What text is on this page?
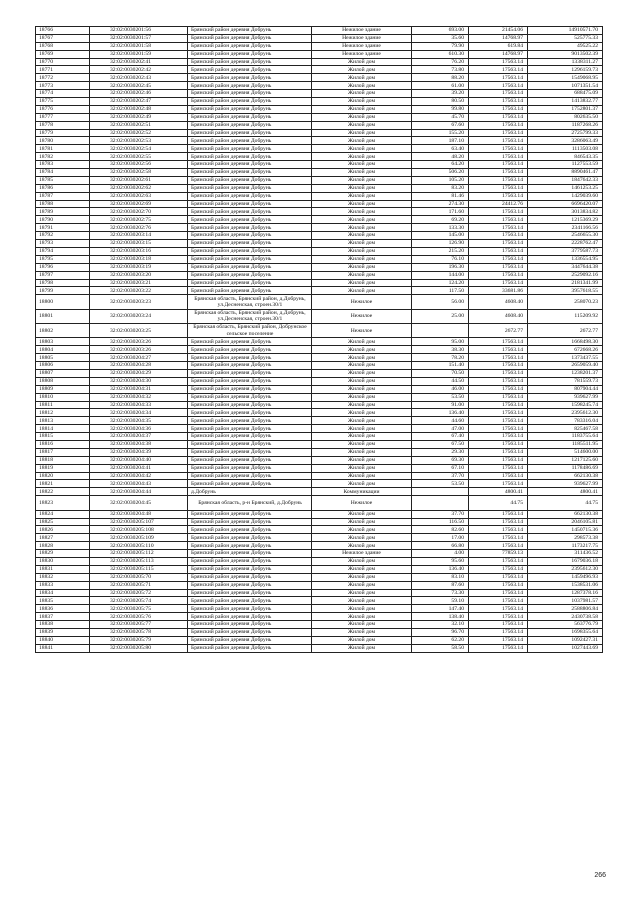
18766	32:02:0030201:56	Брянский район деревня Добрунь	Нежилое здание	693.00	21454.06	14910571.70
18767	32:02:0030201:57	Брянский район деревня Добрунь	Нежилое здание	35.60	14768.97	525775.33
18768	32:02:0030201:58	Брянский район деревня Добрунь	Нежилое здание	79.90	619.84	49525.22
18769	32:02:0030201:59	Брянский район деревня Добрунь	Нежилое здание	610.30	14768.97	9013502.39
18770	32:02:0030202:41	Брянский район деревня Добрунь	Жилой дом	76.20	17563.14	1338311.27
18771	32:02:0030202:42	Брянский район деревня Добрунь	Жилой дом	73.80	17563.14	1296159.73
18772	32:02:0030202:43	Брянский район деревня Добрунь	Жилой дом	88.20	17563.14	1549068.95
18773	32:02:0030202:45	Брянский район деревня Добрунь	Жилой дом	61.00	17563.14	1071351.54
18774	32:02:0030202:46	Брянский район деревня Добрунь	Жилой дом	39.20	17563.14	688475.09
18775	32:02:0030202:47	Брянский район деревня Добрунь	Жилой дом	80.50	17563.14	1413832.77
18776	32:02:0030202:48	Брянский район деревня Добрунь	Жилой дом	99.80	17563.14	1752801.37
18777	32:02:0030202:49	Брянский район деревня Добрунь	Жилой дом	45.70	17563.14	802635.50
18778	32:02:0030202:51	Брянский район деревня Добрунь	Жилой дом	67.60	17563.14	1187268.26
18779	32:02:0030202:52	Брянский район деревня Добрунь	Жилой дом	155.20	17563.14	2725799.33
18780	32:02:0030202:53	Брянский район деревня Добрунь	Жилой дом	187.10	17563.14	3286063.49
18781	32:02:0030202:54	Брянский район деревня Добрунь	Жилой дом	63.40	17563.14	1113503.08
18782	32:02:0030202:55	Брянский район деревня Добрунь	Жилой дом	48.20	17563.14	846543.35
18783	32:02:0030202:56	Брянский район деревня Добрунь	Жилой дом	64.20	17563.14	1127553.59
18784	32:02:0030202:58	Брянский район деревня Добрунь	Жилой дом	506.20	17563.14	8890461.47
18785	32:02:0030202:61	Брянский район деревня Добрунь	Жилой дом	105.20	17563.14	1847642.33
18786	32:02:0030202:62	Брянский район деревня Добрунь	Жилой дом	83.20	17563.14	1461253.25
18787	32:02:0030202:63	Брянский район деревня Добрунь	Жилой дом	81.46	17563.14	1429039.60
18788	32:02:0030202:69	Брянский район деревня Добрунь	Жилой дом	274.30	24412.76	6696420.07
18789	32:02:0030202:70	Брянский район деревня Добрунь	Жилой дом	171.60	17563.14	3013834.82
18790	32:02:0030202:75	Брянский район деревня Добрунь	Жилой дом	69.20	17563.14	1215369.29
18791	32:02:0030202:76	Брянский район деревня Добрунь	Жилой дом	133.30	17563.14	2341166.56
18792	32:02:0030203:14	Брянский район деревня Добрунь	Жилой дом	145.00	17563.14	2546655.30
18793	32:02:0030203:15	Брянский район деревня Добрунь	Жилой дом	126.90	17563.14	2228762.47
18794	32:02:0030203:16	Брянский район деревня Добрунь	Жилой дом	215.20	17563.14	3779587.73
18795	32:02:0030203:18	Брянский район деревня Добрунь	Жилой дом	76.10	17563.14	1336554.95
18796	32:02:0030203:19	Брянский район деревня Добрунь	Жилой дом	196.30	17563.14	3447644.38
18797	32:02:0030203:20	Брянский район деревня Добрунь	Жилой дом	144.00	17563.14	2529092.16
18798	32:02:0030203:21	Брянский район деревня Добрунь	Жилой дом	124.20	17563.14	2181341.99
18799	32:02:0030203:22	Брянский район деревня Добрунь	Жилой дом	117.50	33681.86	3957618.55
18800	32:02:0030203:23	Брянская область, Брянский район, д.Добрунь, ул.Десненская, строен.30/1	Нежилое	56.00	4608.40	258070.23
18801	32:02:0030203:24	Брянская область, Брянский район, д.Добрунь, ул.Десненская, строен.30/1	Нежилое	25.00	4608.40	115209.92
18802	32:02:0030203:25	Брянская область, Брянский район, Добрунское сельское поселение	Нежилое		2672.77	2672.77
18803	32:02:0030203:26	Брянский район деревня Добрунь	Жилой дом	95.00	17563.14	1668498.30
18804	32:02:0030203:26	Брянский район деревня Добрунь	Жилой дом	38.30	17563.14	672668.26
18805	32:02:0030204:27	Брянский район деревня Добрунь	Жилой дом	78.20	17563.14	1373437.55
18806	32:02:0030204:28	Брянский район деревня Добрунь	Жилой дом	151.40	17563.14	2659059.40
18807	32:02:0030204:29	Брянский район деревня Добрунь	Жилой дом	70.50	17563.14	1238201.37
18808	32:02:0030204:30	Брянский район деревня Добрунь	Жилой дом	44.50	17563.14	781559.73
18809	32:02:0030204:31	Брянский район деревня Добрунь	Жилой дом	46.00	17563.14	807904.44
18810	32:02:0030204:32	Брянский район деревня Добрунь	Жилой дом	53.50	17563.14	939627.99
18811	32:02:0030204:33	Брянский район деревня Добрунь	Жилой дом	91.00	17563.14	1598245.74
18812	32:02:0030204:34	Брянский район деревня Добрунь	Жилой дом	136.40	17563.14	2395612.30
18813	32:02:0030204:35	Брянский район деревня Добрунь	Жилой дом	44.60	17563.14	783316.04
18814	32:02:0030204:36	Брянский район деревня Добрунь	Жилой дом	47.00	17563.14	825467.58
18815	32:02:0030204:37	Брянский район деревня Добрунь	Жилой дом	67.40	17563.14	1183755.64
18816	32:02:0030204:38	Брянский район деревня Добрунь	Жилой дом	67.50	17563.14	1185511.95
18817	32:02:0030204:39	Брянский район деревня Добрунь	Жилой дом	29.30	17563.14	514600.00
18818	32:02:0030204:40	Брянский район деревня Добрунь	Жилой дом	69.30	17563.14	1217125.60
18819	32:02:0030204:41	Брянский район деревня Добрунь	Жилой дом	67.10	17563.14	1178486.69
18820	32:02:0030204:42	Брянский район деревня Добрунь	Жилой дом	37.70	17563.14	662130.38
18821	32:02:0030204:43	Брянский район деревня Добрунь	Жилой дом	53.50	17563.14	939627.99
18822	32:02:0030204:44	д.Добрунь	Коммуникации		4800.41	4800.41
18823	32:02:0030204:45	Брянская область, р-н Брянский, д.Добрунь	Нежилое		44.75	44.75
18824	32:02:0030204:48	Брянский район деревня Добрунь	Жилой дом	37.70	17563.14	662130.38
18825	32:02:0030205:107	Брянский район деревня Добрунь	Жилой дом	116.50	17563.14	2046105.81
18826	32:02:0030205:108	Брянский район деревня Добрунь	Жилой дом	82.60	17563.14	1450715.36
18827	32:02:0030205:109	Брянский район деревня Добрунь	Жилой дом	17.00	17563.14	298573.38
18828	32:02:0030205:110	Брянский район деревня Добрунь	Жилой дом	66.80	17563.14	1173217.75
18829	32:02:0030205:112	Брянский район деревня Добрунь	Нежилое здание	4.00	77859.13	311436.52
18830	32:02:0030205:113	Брянский район деревня Добрунь	Жилой дом	95.60	17563.14	1679036.18
18831	32:02:0030205:115	Брянский район деревня Добрунь	Жилой дом	136.40	17563.14	2395612.30
18832	32:02:0030205:70	Брянский район деревня Добрунь	Жилой дом	83.10	17563.14	1459496.93
18833	32:02:0030205:71	Брянский район деревня Добрунь	Жилой дом	87.60	17563.14	1538531.06
18834	32:02:0030205:72	Брянский район деревня Добрунь	Жилой дом	73.30	17563.14	1287378.16
18835	32:02:0030205:74	Брянский район деревня Добрунь	Жилой дом	59.10	17563.14	1037981.57
18836	32:02:0030205:75	Брянский район деревня Добрунь	Жилой дом	147.40	17563.14	2588806.84
18837	32:02:0030205:76	Брянский район деревня Добрунь	Жилой дом	138.40	17563.14	2430738.58
18838	32:02:0030205:77	Брянский район деревня Добрунь	Жилой дом	32.10	17563.14	563776.79
18839	32:02:0030205:78	Брянский район деревня Добрунь	Жилой дом	96.70	17563.14	1698355.64
18840	32:02:0030205:79	Брянский район деревня Добрунь	Жилой дом	62.20	17563.14	1092427.31
18841	32:02:0030205:80	Брянский район деревня Добрунь	Жилой дом	58.50	17563.14	1027443.69
266
